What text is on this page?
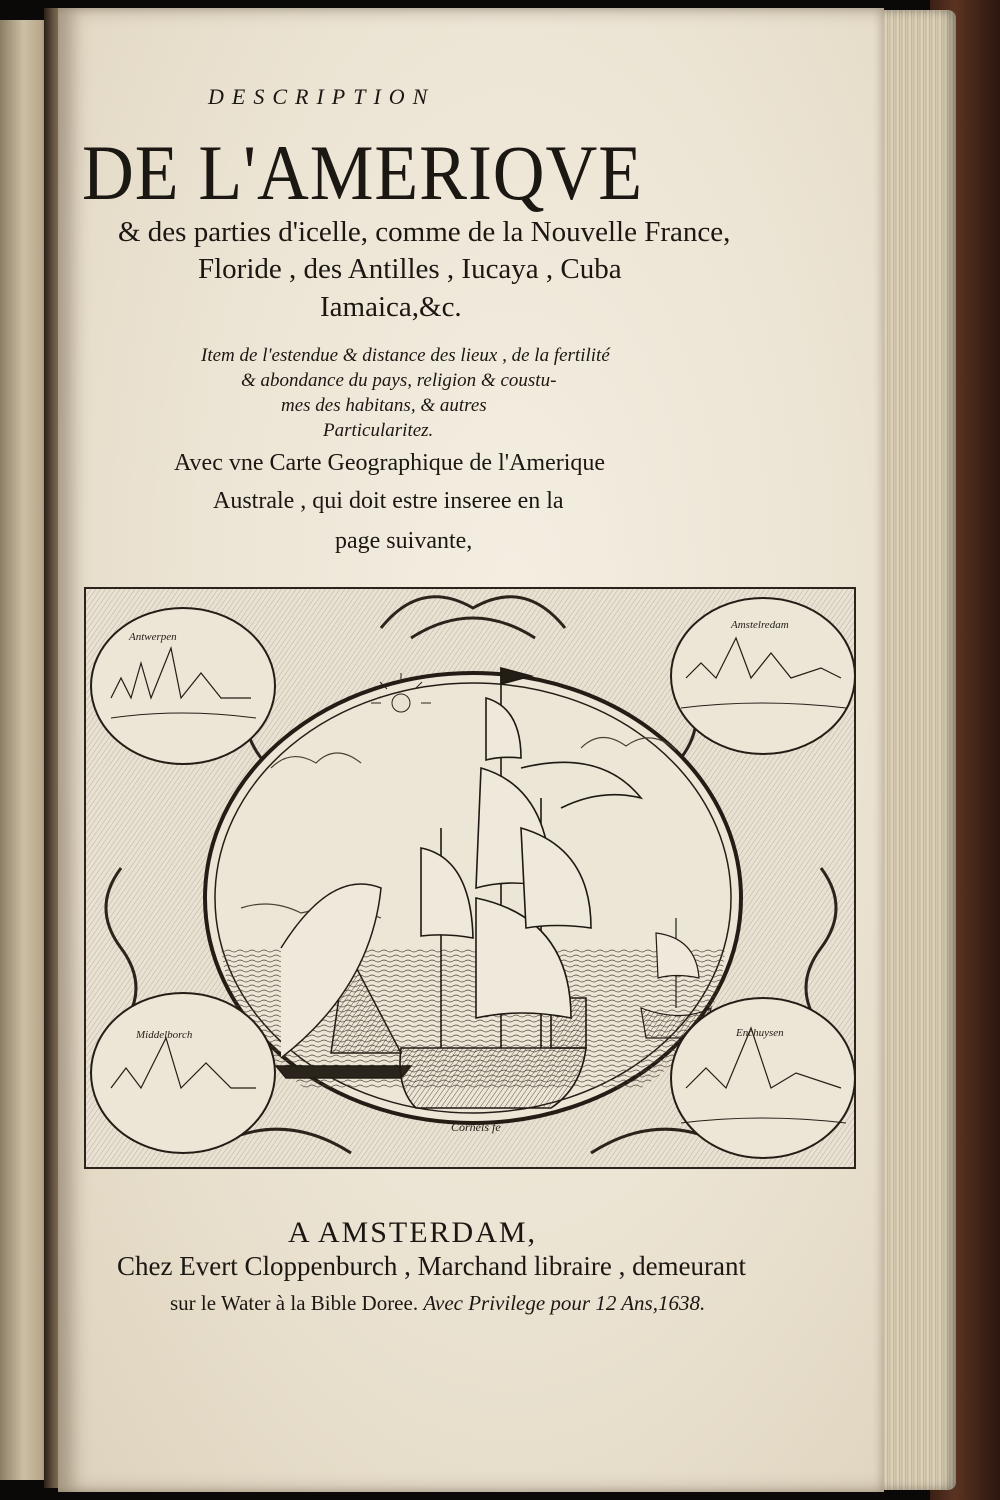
DESCRIPTION
DE L'AMERIQVE
& des parties d'icelle, comme de la Nouvelle France,
Floride , des Antilles , Iucaya , Cuba
Iamaica,&c.
Item de l'estendue & distance des lieux , de la fertilité
& abondance du pays, religion & coustu-
mes des habitans, & autres
Particularitez.
Avec vne Carte Geographique de l'Amerique
Australe , qui doit estre inseree en la
page suivante,
Antwerpen
Amstelredam
Middelborch	Enchuysen
Cornels fe
A AMSTERDAM,
Chez Evert Cloppenburch , Marchand libraire , demeurant
sur le Water à la Bible Doree. Avec Privilege pour 12 Ans,1638.
